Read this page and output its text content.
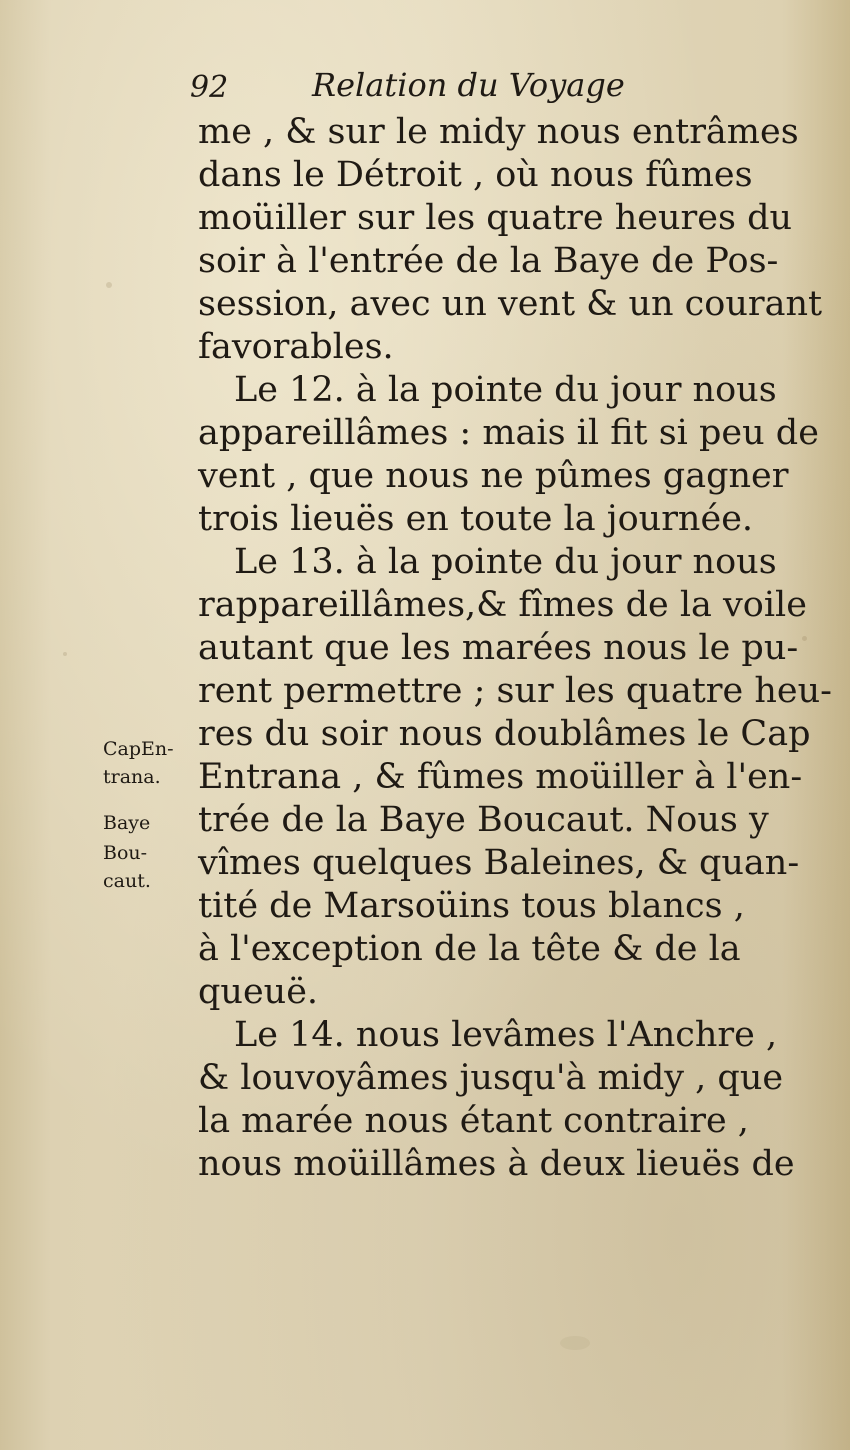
92	Relation du Voyage
me , & sur le midy nous entrâmes
dans le Détroit , où nous fûmes
moüiller sur les quatre heures du
soir à l'entrée de la Baye de Pos-
session, avec un vent & un courant
favorables.
Le 12. à la pointe du jour nous
appareillâmes : mais il fit si peu de
vent , que nous ne pûmes gagner
trois lieuës en toute la journée.
Le 13. à la pointe du jour nous
rappareillâmes,& fîmes de la voile
autant que les marées nous le pu-
rent permettre ; sur les quatre heu-
res du soir nous doublâmes le Cap
Entrana , & fûmes moüiller à l'en-
trée de la Baye Boucaut. Nous y
vîmes quelques Baleines, & quan-
tité de Marsoüins tous blancs ,
à l'exception de la tête & de la
queuë.
Le 14. nous levâmes l'Anchre ,
& louvoyâmes jusqu'à midy , que
la marée nous étant contraire ,
nous moüillâmes à deux lieuës de
CapEn-
trana.
Baye
Bou-
caut.
